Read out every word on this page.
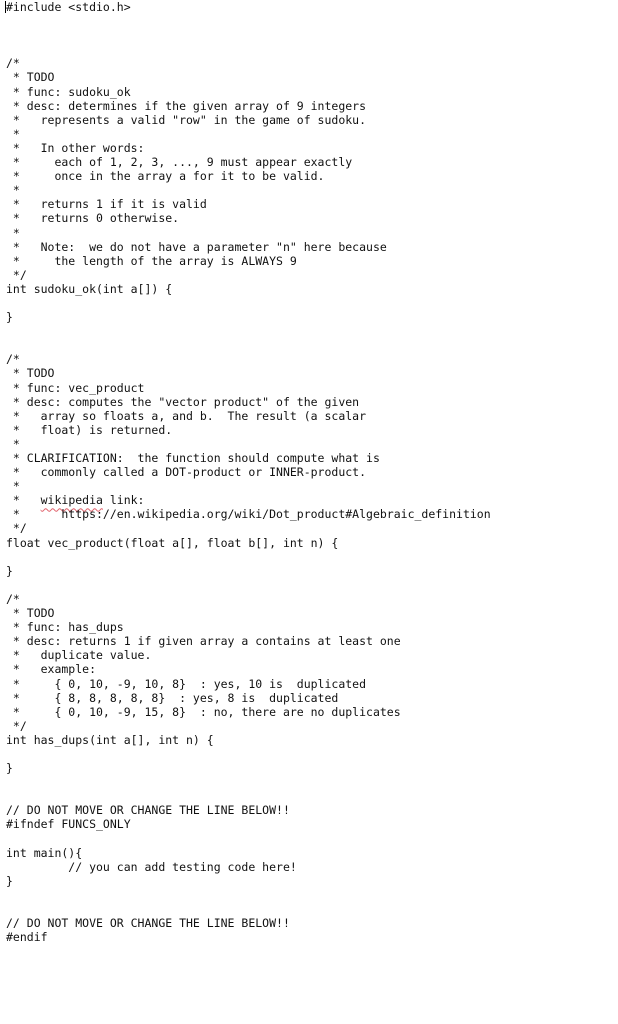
#include <stdio.h>
/*
* TODO
* func: sudoku_ok
* desc: determines if the given array of 9 integers
*   represents a valid "row" in the game of sudoku.
*
*   In other words:
*     each of 1, 2, 3, ..., 9 must appear exactly
*     once in the array a for it to be valid.
*
*   returns 1 if it is valid
*   returns 0 otherwise.
*
*   Note:  we do not have a parameter "n" here because
*     the length of the array is ALWAYS 9
*/
int sudoku_ok(int a[]) {
}
/*
* TODO
* func: vec_product
* desc: computes the "vector product" of the given
*   array so floats a, and b.  The result (a scalar
*   float) is returned.
*
* CLARIFICATION:  the function should compute what is
*   commonly called a DOT-product or INNER-product.
*
*   wikipedia link:
*      https://en.wikipedia.org/wiki/Dot_product#Algebraic_definition
*/
float vec_product(float a[], float b[], int n) {
}
/*
* TODO
* func: has_dups
* desc: returns 1 if given array a contains at least one
*   duplicate value.
*   example:
*     { 0, 10, -9, 10, 8}  : yes, 10 is  duplicated
*     { 8, 8, 8, 8, 8}  : yes, 8 is  duplicated
*     { 0, 10, -9, 15, 8}  : no, there are no duplicates
*/
int has_dups(int a[], int n) {
}
// DO NOT MOVE OR CHANGE THE LINE BELOW!!
#ifndef FUNCS_ONLY
int main(){
// you can add testing code here!
}
// DO NOT MOVE OR CHANGE THE LINE BELOW!!
#endif
